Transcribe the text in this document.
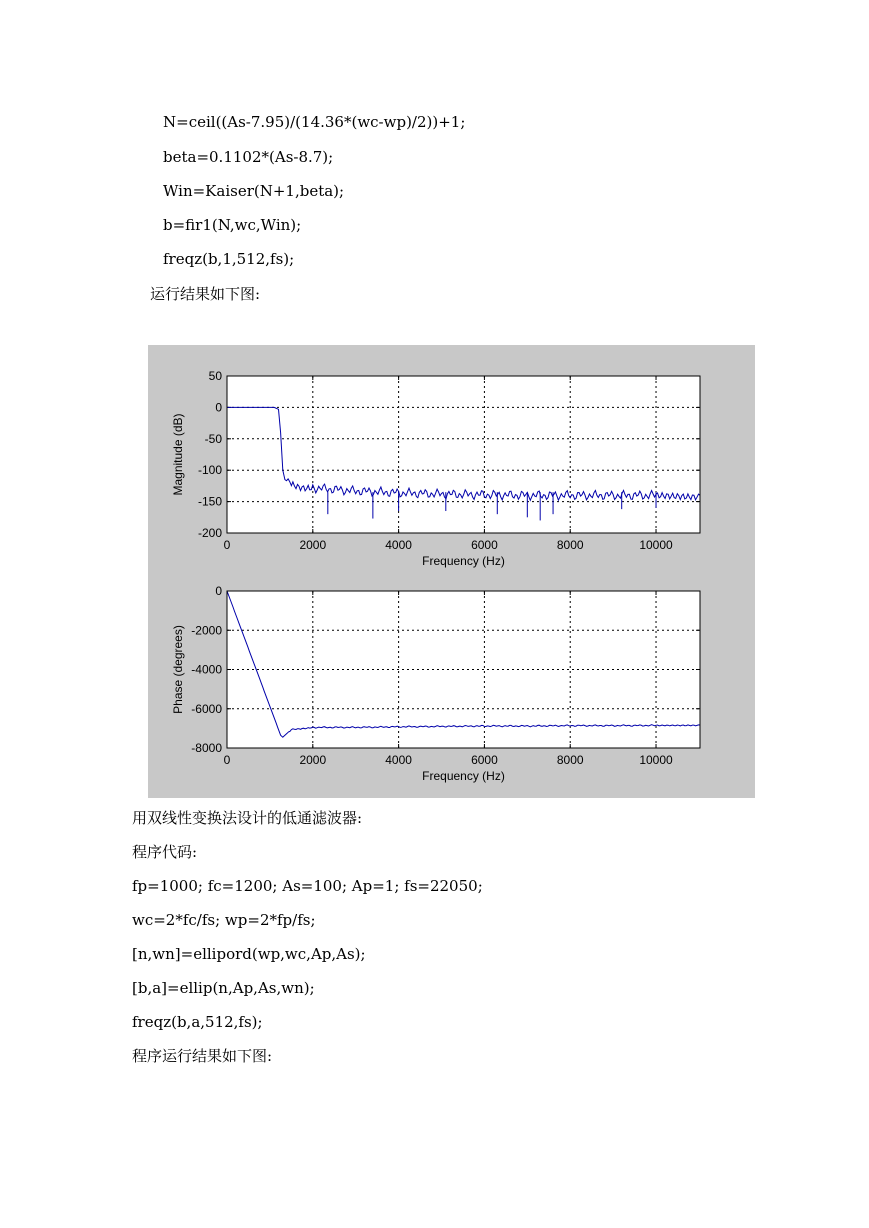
N=ceil((As-7.95)/(14.36*(wc-wp)/2))+1;
beta=0.1102*(As-8.7);
Win=Kaiser(N+1,beta);
b=fir1(N,wc,Win);
freqz(b,1,512,fs);
运行结果如下图:
0	2000	4000	6000	8000	10000
50
0
-50
-100
-150
-200
Frequency (Hz)
Magnitude (dB)
0	2000	4000	6000	8000	10000
0
-2000
-4000
-6000
-8000
Frequency (Hz)
Phase (degrees)
用双线性变换法设计的低通滤波器:
程序代码:
fp=1000; fc=1200; As=100; Ap=1; fs=22050;
wc=2*fc/fs; wp=2*fp/fs;
[n,wn]=ellipord(wp,wc,Ap,As);
[b,a]=ellip(n,Ap,As,wn);
freqz(b,a,512,fs);
程序运行结果如下图:
